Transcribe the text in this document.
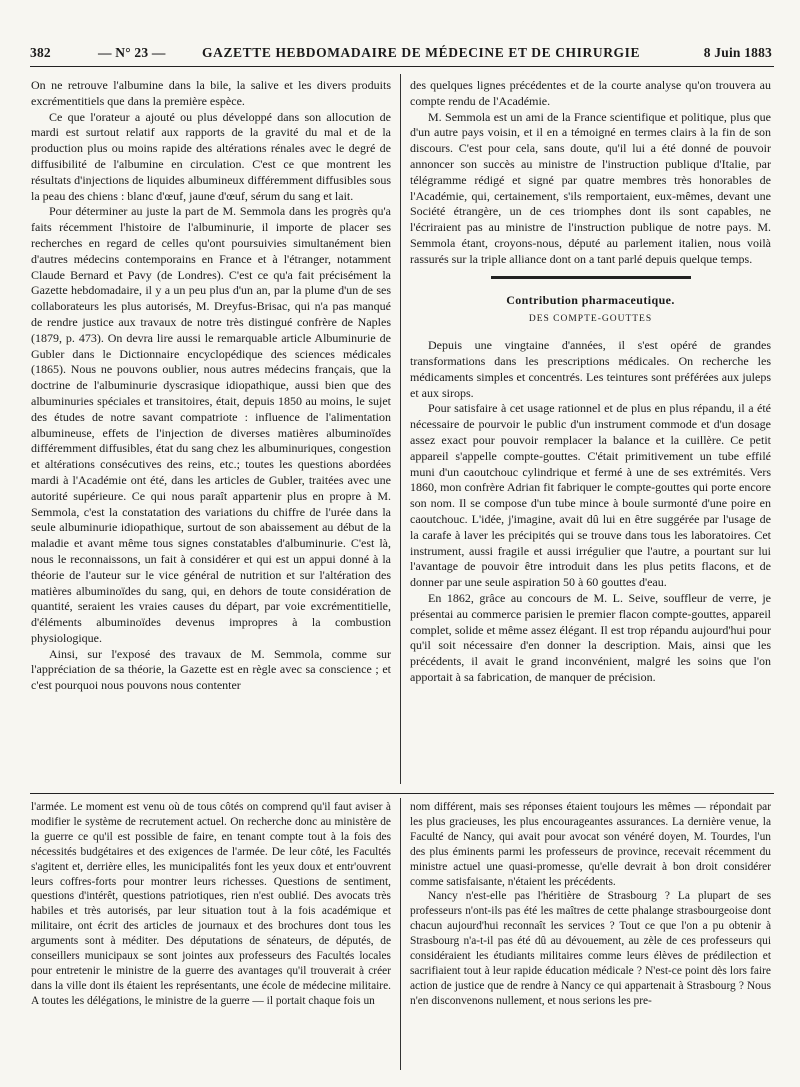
382	— N° 23 —	GAZETTE HEBDOMADAIRE DE MÉDECINE ET DE CHIRURGIE	8 Juin 1883

On ne retrouve l'albumine dans la bile, la salive et les divers produits excrémentitiels que dans la première espèce.

Ce que l'orateur a ajouté ou plus développé dans son allocution de mardi est surtout relatif aux rapports de la gravité du mal et de la production plus ou moins rapide des altérations rénales avec le degré de diffusibilité de l'albumine en circulation. C'est ce que montrent les résultats d'injections de liquides albumineux différemment diffusibles sous la peau des chiens : blanc d'œuf, jaune d'œuf, sérum du sang et lait.

Pour déterminer au juste la part de M. Semmola dans les progrès qu'a faits récemment l'histoire de l'albuminurie, il importe de placer ses recherches en regard de celles qu'ont poursuivies simultanément bien d'autres médecins contemporains en France et à l'étranger, notamment Claude Bernard et Pavy (de Londres). C'est ce qu'a fait précisément la Gazette hebdomadaire, il y a un peu plus d'un an, par la plume d'un de ses collaborateurs les plus autorisés, M. Dreyfus-Brisac, qui n'a pas manqué de rendre justice aux travaux de notre très distingué confrère de Naples (1879, p. 473). On devra lire aussi le remarquable article Albuminurie de Gubler dans le Dictionnaire encyclopédique des sciences médicales (1865). Nous ne pouvons oublier, nous autres médecins français, que la doctrine de l'albuminurie dyscrasique idiopathique, aussi bien que des albuminuries spéciales et transitoires, était, depuis 1850 au moins, le sujet des études de notre savant compatriote : influence de l'alimentation albumineuse, effets de l'injection de diverses matières albuminoïdes différemment diffusibles, état du sang chez les albuminuriques, congestion et altérations consécutives des reins, etc.; toutes les questions abordées mardi à l'Académie ont été, dans les articles de Gubler, traitées avec une autorité supérieure. Ce qui nous paraît appartenir plus en propre à M. Semmola, c'est la constatation des variations du chiffre de l'urée dans la seule albuminurie idiopathique, surtout de son abaissement au début de la maladie et avant même tous signes constatables d'albuminurie. C'est là, nous le reconnaissons, un fait à considérer et qui est un appui donné à la théorie de l'auteur sur le vice général de nutrition et sur l'altération des matières albuminoïdes du sang, qui, en dehors de toute considération de quantité, seraient les vraies causes du départ, par voie excrémentitielle, d'éléments albuminoïdes devenus impropres à la combustion physiologique.

Ainsi, sur l'exposé des travaux de M. Semmola, comme sur l'appréciation de sa théorie, la Gazette est en règle avec sa conscience ; et c'est pourquoi nous pouvons nous contenter

des quelques lignes précédentes et de la courte analyse qu'on trouvera au compte rendu de l'Académie.

M. Semmola est un ami de la France scientifique et politique, plus que d'un autre pays voisin, et il en a témoigné en termes clairs à la fin de son discours. C'est pour cela, sans doute, qu'il lui a été donné de pouvoir annoncer son succès au ministre de l'instruction publique d'Italie, par télégramme rédigé et signé par quatre membres très honorables de l'Académie, qui, certainement, s'ils remportaient, eux-mêmes, devant une Société étrangère, un de ces triomphes dont ils sont capables, ne l'écriraient pas au ministre de l'instruction publique de notre pays. M. Semmola étant, croyons-nous, député au parlement italien, nous voilà rassurés sur la triple alliance dont on a tant parlé depuis quelque temps.

Contribution pharmaceutique.
DES COMPTE-GOUTTES

Depuis une vingtaine d'années, il s'est opéré de grandes transformations dans les prescriptions médicales. On recherche les médicaments simples et concentrés. Les teintures sont préférées aux juleps et aux sirops.

Pour satisfaire à cet usage rationnel et de plus en plus répandu, il a été nécessaire de pourvoir le public d'un instrument commode et d'un dosage assez exact pour pouvoir remplacer la balance et la cuillère. Ce petit appareil s'appelle compte-gouttes. C'était primitivement un tube effilé muni d'un caoutchouc cylindrique et fermé à une de ses extrémités. Vers 1860, mon confrère Adrian fit fabriquer le compte-gouttes qui porte encore son nom. Il se compose d'un tube mince à boule surmonté d'une poire en caoutchouc. L'idée, j'imagine, avait dû lui en être suggérée par l'usage de la carafe à laver les précipités qui se trouve dans tous les laboratoires. Cet instrument, aussi fragile et aussi irrégulier que l'autre, a pourtant sur lui l'avantage de pouvoir être introduit dans les plus petits flacons, et de donner par une seule aspiration 50 à 60 gouttes d'eau.

En 1862, grâce au concours de M. L. Seive, souffleur de verre, je présentai au commerce parisien le premier flacon compte-gouttes, appareil complet, solide et même assez élégant. Il est trop répandu aujourd'hui pour qu'il soit nécessaire d'en donner la description. Mais, ainsi que les précédents, il avait le grand inconvénient, malgré les soins que l'on apportait à sa fabrication, de manquer de précision.

l'armée. Le moment est venu où de tous côtés on comprend qu'il faut aviser à modifier le système de recrutement actuel. On recherche donc au ministère de la guerre ce qu'il est possible de faire, en tenant compte tout à la fois des nécessités budgétaires et des exigences de l'armée. De leur côté, les Facultés s'agitent et, derrière elles, les municipalités font les yeux doux et entr'ouvrent leurs coffres-forts pour montrer leurs richesses. Questions de sentiment, questions d'intérêt, questions patriotiques, rien n'est oublié. Des avocats très habiles et très autorisés, par leur situation tout à la fois académique et militaire, ont écrit des articles de journaux et des brochures dont tous les arguments sont à méditer. Des députations de sénateurs, de députés, de conseillers municipaux se sont jointes aux professeurs des Facultés locales pour entretenir le ministre de la guerre des avantages qu'il trouverait à créer dans la ville dont ils étaient les représentants, une école de médecine militaire. A toutes les délégations, le ministre de la guerre — il portait chaque fois un

nom différent, mais ses réponses étaient toujours les mêmes — répondait par les plus gracieuses, les plus encourageantes assurances. La dernière venue, la Faculté de Nancy, qui avait pour avocat son vénéré doyen, M. Tourdes, l'un des plus éminents parmi les professeurs de province, recevait récemment du ministre actuel une quasi-promesse, qu'elle devrait à bon droit considérer comme satisfaisante, n'étaient les précédents.

Nancy n'est-elle pas l'héritière de Strasbourg ? La plupart de ses professeurs n'ont-ils pas été les maîtres de cette phalange strasbourgeoise dont chacun aujourd'hui reconnaît les services ? Tout ce que l'on a pu obtenir à Strasbourg n'a-t-il pas été dû au dévouement, au zèle de ces professeurs qui considéraient les étudiants militaires comme leurs élèves de prédilection et sacrifiaient tout à leur rapide éducation médicale ? N'est-ce point dès lors faire action de justice que de rendre à Nancy ce qui appartenait à Strasbourg ? Nous n'en disconvenons nullement, et nous serions les pre-
